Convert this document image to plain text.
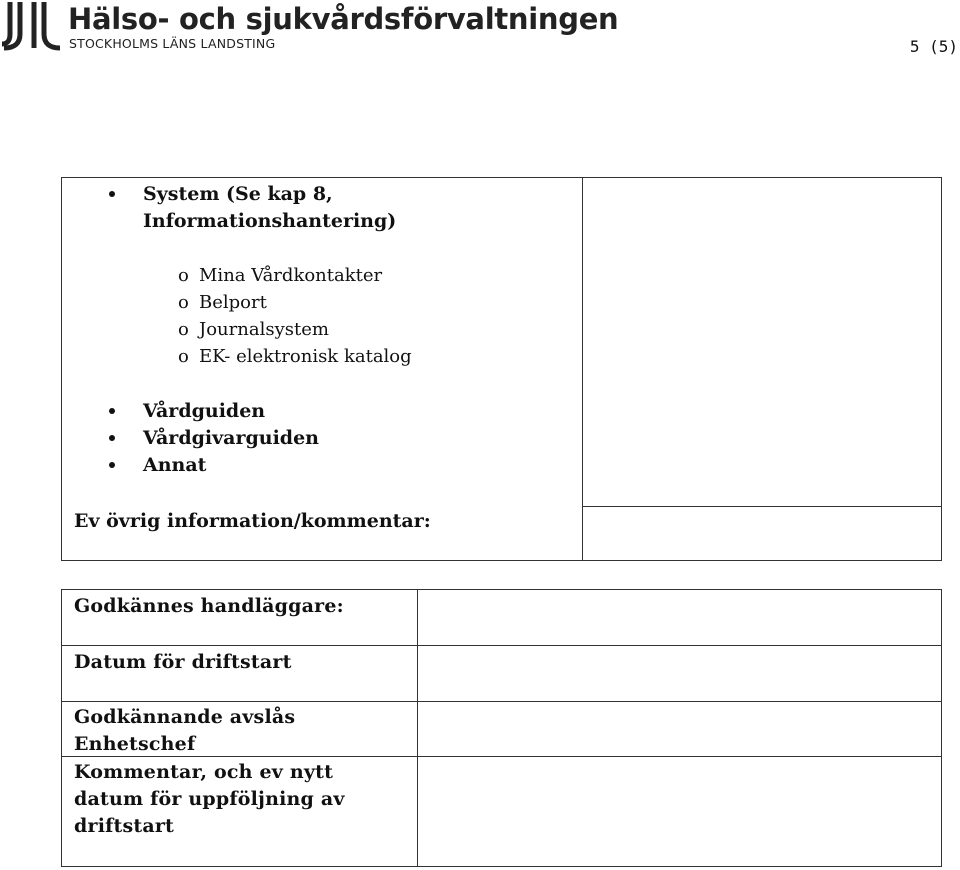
Hälso- och sjukvårdsförvaltningen
STOCKHOLMS LÄNS LANDSTING	5 (5)
System (Se kap 8,
Informationshantering)
o Mina Vårdkontakter
o Belport
o Journalsystem
o EK- elektronisk katalog
Vårdguiden
Vårdgivarguiden
Annat
Ev övrig information/kommentar:
Godkännes handläggare:
Datum för driftstart
Godkännande avslås
Enhetschef
Kommentar, och ev nytt
datum för uppföljning av
driftstart
